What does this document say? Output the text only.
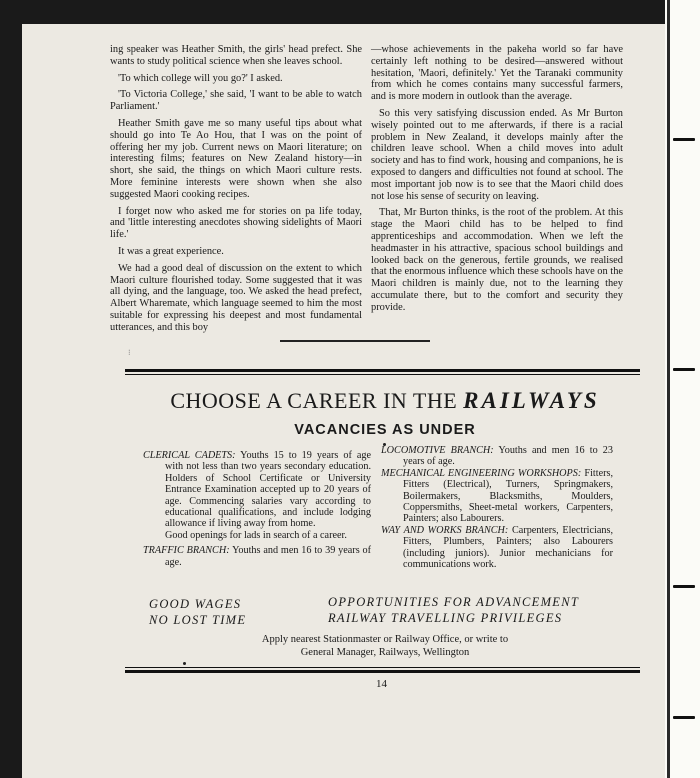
ing speaker was Heather Smith, the girls' head prefect. She wants to study political science when she leaves school.

'To which college will you go?' I asked.

'To Victoria College,' she said, 'I want to be able to watch Parliament.'

Heather Smith gave me so many useful tips about what should go into Te Ao Hou, that I was on the point of offering her my job. Current news on Maori literature; on interesting films; features on New Zealand history—in short, she said, the things on which Maori culture rests. More feminine interests were shown when she also suggested Maori cooking recipes.

I forget now who asked me for stories on pa life today, and 'little interesting anecdotes showing sidelights of Maori life.'

It was a great experience.

We had a good deal of discussion on the extent to which Maori culture flourished today. Some suggested that it was all dying, and the language, too. We asked the head prefect, Albert Wharemate, which language seemed to him the most suitable for expressing his deepest and most fundamental utterances, and this boy

—whose achievements in the pakeha world so far have certainly left nothing to be desired—answered without hesitation, 'Maori, definitely.' Yet the Taranaki community from which he comes contains many successful farmers, and is more modern in outlook than the average.

So this very satisfying discussion ended. As Mr Burton wisely pointed out to me afterwards, if there is a racial problem in New Zealand, it develops mainly after the children leave school. When a child moves into adult society and has to find work, housing and companions, he is exposed to dangers and difficulties not found at school. The most important job now is to see that the Maori child does not lose his sense of security on leaving.

That, Mr Burton thinks, is the root of the problem. At this stage the Maori child has to be helped to find apprenticeships and accommodation. When we left the headmaster in his attractive, spacious school buildings and looked back on the generous, fertile grounds, we realised that the enormous influence which these schools have on the Maori children is mainly due, not to the learning they accumulate there, but to the comfort and security they provide.

⁝
CHOOSE A CAREER IN THE RAILWAYS
VACANCIES AS UNDER

CLERICAL CADETS: Youths 15 to 19 years of age with not less than two years secondary education. Holders of School Certificate or University Entrance Examination accepted up to 20 years of age. Commencing salaries vary according to educational qualifications, and include lodging allowance if living away from home.

Good openings for lads in search of a career.

TRAFFIC BRANCH: Youths and men 16 to 39 years of age.

LOCOMOTIVE BRANCH: Youths and men 16 to 23 years of age.

MECHANICAL ENGINEERING WORKSHOPS: Fitters, Fitters (Electrical), Turners, Springmakers, Boilermakers, Blacksmiths, Moulders, Coppersmiths, Sheet-metal workers, Carpenters, Painters; also Labourers.

WAY AND WORKS BRANCH: Carpenters, Electricians, Fitters, Plumbers, Painters; also Labourers (including juniors). Junior mechanicians for communications work.

GOOD WAGES
NO LOST TIME
OPPORTUNITIES FOR ADVANCEMENT
RAILWAY TRAVELLING PRIVILEGES
Apply nearest Stationmaster or Railway Office, or write to
General Manager, Railways, Wellington
14
